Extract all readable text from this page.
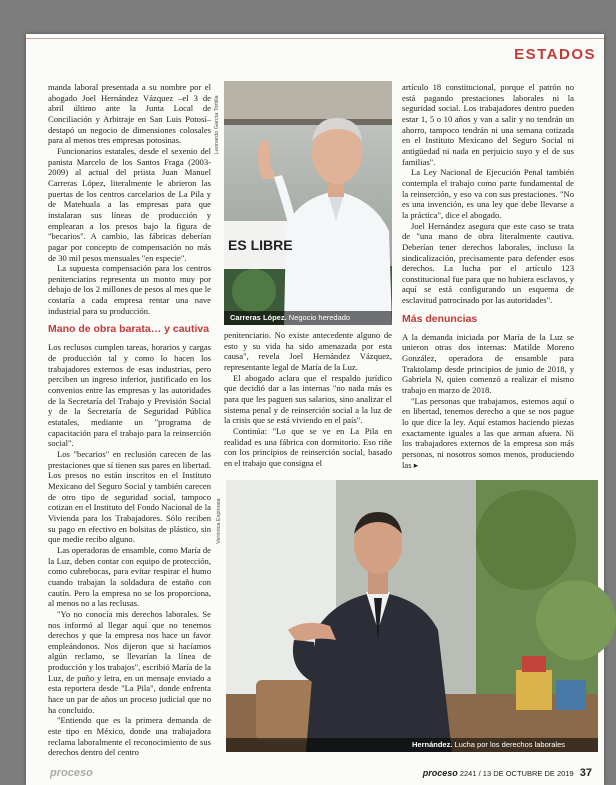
ESTADOS

manda laboral presentada a su nombre por el abogado Joel Hernández Vázquez –el 3 de abril último ante la Junta Local de Conciliación y Arbitraje en San Luis Potosí– destapó un negocio de dimensiones colosales para al menos tres empresas potosinas.

Funcionarios estatales, desde el sexenio del panista Marcelo de los Santos Fraga (2003-2009) al actual del priista Juan Manuel Carreras López, literalmente le abrieron las puertas de los centros carcelarios de La Pila y de Matehuala a las empresas para que instalaran sus líneas de producción y emplearan a los presos bajo la figura de "becarios". A cambio, las fábricas deberían pagar por concepto de compensación no más de 30 mil pesos mensuales "en especie".

La supuesta compensación para los centros penitenciarios representa un monto muy por debajo de los 2 millones de pesos al mes que le costaría a cada empresa rentar una nave industrial para su producción.

Mano de obra barata… y cautiva

Los reclusos cumplen tareas, horarios y cargas de producción tal y como lo hacen los trabajadores externos de esas industrias, pero perciben un ingreso inferior, justificado en los convenios entre las empresas y las autoridades de la Secretaría del Trabajo y Previsión Social y de la Secretaría de Seguridad Pública estatales, mediante un "programa de capacitación para el trabajo para la reinserción social".

Los "becarios" en reclusión carecen de las prestaciones que sí tienen sus pares en libertad. Los presos no están inscritos en el Instituto Mexicano del Seguro Social y también carecen de otro tipo de seguridad social, tampoco cotizan en el Instituto del Fondo Nacional de la Vivienda para los Trabajadores. Sólo reciben su pago en efectivo en bolsitas de plástico, sin que medie recibo alguno.

Las operadoras de ensamble, como María de la Luz, deben contar con equipo de protección, como cubrebocas, para evitar respirar el humo cuando trabajan la soldadura de estaño con cautín. Pero la empresa no se los proporciona, al menos no a las reclusas.

"Yo no conocía mis derechos laborales. Se nos informó al llegar aquí que no tenemos derechos y que la empresa nos hace un favor empleándonos. Nos dijeron que si hacíamos algún reclamo, se llevarían la línea de producción y los trabajos", escribió María de la Luz, de puño y letra, en un mensaje enviado a esta reportera desde "La Pila", donde enfrenta hace un par de años un proceso judicial que no ha concluido.

"Entiendo que es la primera demanda de este tipo en México, donde una trabajadora reclama laboralmente el reconocimiento de sus derechos dentro del centro

ES LIBRE
Carreras López. Negocio heredado
Leonardo García Tortilla

penitenciario. No existe antecedente alguno de esto y su vida ha sido amenazada por esta causa", revela Joel Hernández Vázquez, representante legal de María de la Luz.

El abogado aclara que el respaldo jurídico que decidió dar a las internas "no nada más es para que les paguen sus salarios, sino analizar el sistema penal y de reinserción social a la luz de la crisis que se está viviendo en el país".

Continúa: "Lo que se ve en La Pila en realidad es una fábrica con dormitorio. Eso riñe con los principios de reinserción social, basado en el trabajo que consigna el

artículo 18 constitucional, porque el patrón no está pagando prestaciones laborales ni la seguridad social. Los trabajadores dentro pueden estar 1, 5 o 10 años y van a salir y no tendrán un ahorro, tampoco tendrán ni una semana cotizada en el Instituto Mexicano del Seguro Social ni antigüedad ni nada en perjuicio suyo y el de sus familias".

La Ley Nacional de Ejecución Penal también contempla el trabajo como parte fundamental de la reinserción, y eso va con sus prestaciones. "No es una invención, es una ley que debe llevarse a la práctica", dice el abogado.

Joel Hernández asegura que este caso se trata de "una mano de obra literalmente cautiva. Deberían tener derechos laborales, incluso la sindicalización, precisamente para defender esos derechos. La lucha por el artículo 123 constitucional fue para que no hubiera esclavos, y aquí se está configurando un esquema de esclavitud patrocinado por las autoridades".

Más denuncias

A la demanda iniciada por María de la Luz se unieron otras dos internas: Matilde Moreno González, operadora de ensamble para Traktolamp desde principios de junio de 2018, y Gabriela N, quien comenzó a realizar el mismo trabajo en marzo de 2018.

"Las personas que trabajamos, estemos aquí o en libertad, tenemos derecho a que se nos pague lo que dice la ley. Aquí estamos haciendo piezas exactamente iguales a las que arman afuera. Ni los trabajadores externos de la empresa son más personas, ni nosotros somos menos, produciendo las ▸

Hernández. Lucha por los derechos laborales
Verónica Espinosa
proceso	proceso 2241 / 13 DE OCTUBRE DE 2019 37
